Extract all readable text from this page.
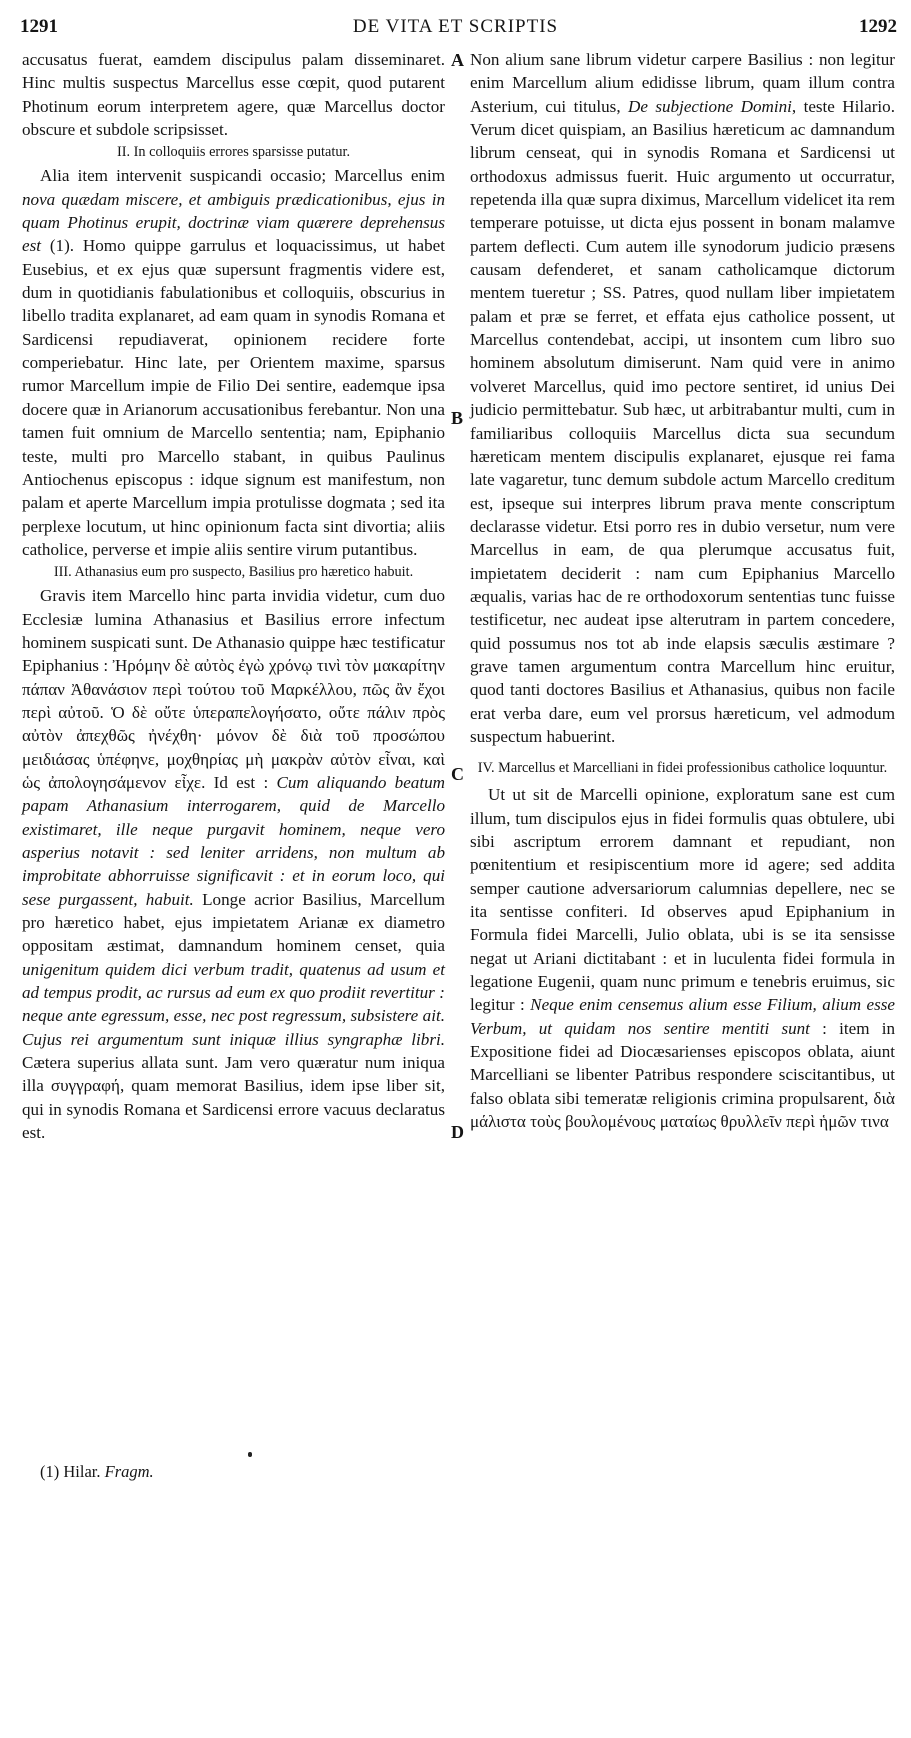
1291	DE VITA ET SCRIPTIS	1292

accusatus fuerat, eamdem discipulus palam disseminaret. Hinc multis suspectus Marcellus esse cœpit, quod putarent Photinum eorum interpretem agere, quæ Marcellus doctor obscure et subdole scripsisset.

II. In colloquiis errores sparsisse putatur.

Alia item intervenit suspicandi occasio; Marcellus enim nova quædam miscere, et ambiguis prædicationibus, ejus in quam Photinus erupit, doctrinæ viam quærere deprehensus est (1). Homo quippe garrulus et loquacissimus, ut habet Eusebius, et ex ejus quæ supersunt fragmentis videre est, dum in quotidianis fabulationibus et colloquiis, obscurius in libello tradita explanaret, ad eam quam in synodis Romana et Sardicensi repudiaverat, opinionem recidere forte comperiebatur. Hinc late, per Orientem maxime, sparsus rumor Marcellum impie de Filio Dei sentire, eademque ipsa docere quæ in Arianorum accusationibus ferebantur. Non una tamen fuit omnium de Marcello sententia; nam, Epiphanio teste, multi pro Marcello stabant, in quibus Paulinus Antiochenus episcopus : idque signum est manifestum, non palam et aperte Marcellum impia protulisse dogmata ; sed ita perplexe locutum, ut hinc opinionum facta sint divortia; aliis catholice, perverse et impie aliis sentire virum putantibus.

III. Athanasius eum pro suspecto, Basilius pro hæretico habuit.

Gravis item Marcello hinc parta invidia videtur, cum duo Ecclesiæ lumina Athanasius et Basilius errore infectum hominem suspicati sunt. De Athanasio quippe hæc testificatur Epiphanius : Ἠρόμην δὲ αὐτὸς ἐγὼ χρόνῳ τινὶ τὸν μακαρίτην πάπαν Ἀθανάσιον περὶ τούτου τοῦ Μαρκέλλου, πῶς ἂν ἔχοι περὶ αὐτοῦ. Ὁ δὲ οὔτε ὑπεραπελογήσατο, οὔτε πάλιν πρὸς αὐτὸν ἀπεχθῶς ἠνέχθη· μόνον δὲ διὰ τοῦ προσώπου μειδιάσας ὑπέφηνε, μοχθηρίας μὴ μακρὰν αὐτὸν εἶναι, καὶ ὡς ἀπολογησάμενον εἶχε. Id est : Cum aliquando beatum papam Athanasium interrogarem, quid de Marcello existimaret, ille neque purgavit hominem, neque vero asperius notavit : sed leniter arridens, non multum ab improbitate abhorruisse significavit : et in eorum loco, qui sese purgassent, habuit. Longe acrior Basilius, Marcellum pro hæretico habet, ejus impietatem Arianæ ex diametro oppositam æstimat, damnandum hominem censet, quia unigenitum quidem dici verbum tradit, quatenus ad usum et ad tempus prodit, ac rursus ad eum ex quo prodiit revertitur : neque ante egressum, esse, nec post regressum, subsistere ait. Cujus rei argumentum sunt iniquæ illius syngraphæ libri. Cætera superius allata sunt. Jam vero quæratur num iniqua illa συγγραφή, quam memorat Basilius, idem ipse liber sit, qui in synodis Romana et Sardicensi errore vacuus declaratus est.

A
B
C
D

Non alium sane librum videtur carpere Basilius : non legitur enim Marcellum alium edidisse librum, quam illum contra Asterium, cui titulus, De subjectione Domini, teste Hilario. Verum dicet quispiam, an Basilius hæreticum ac damnandum librum censeat, qui in synodis Romana et Sardicensi ut orthodoxus admissus fuerit. Huic argumento ut occurratur, repetenda illa quæ supra diximus, Marcellum videlicet ita rem temperare potuisse, ut dicta ejus possent in bonam malamve partem deflecti. Cum autem ille synodorum judicio præsens causam defenderet, et sanam catholicamque dictorum mentem tueretur ; SS. Patres, quod nullam liber impietatem palam et præ se ferret, et effata ejus catholice possent, ut Marcellus contendebat, accipi, ut insontem cum libro suo hominem absolutum dimiserunt. Nam quid vere in animo volveret Marcellus, quid imo pectore sentiret, id unius Dei judicio permittebatur. Sub hæc, ut arbitrabantur multi, cum in familiaribus colloquiis Marcellus dicta sua secundum hæreticam mentem discipulis explanaret, ejusque rei fama late vagaretur, tunc demum subdole actum Marcello creditum est, ipseque sui interpres librum prava mente conscriptum declarasse videtur. Etsi porro res in dubio versetur, num vere Marcellus in eam, de qua plerumque accusatus fuit, impietatem deciderit : nam cum Epiphanius Marcello æqualis, varias hac de re orthodoxorum sententias tunc fuisse testificetur, nec audeat ipse alterutram in partem concedere, quid possumus nos tot ab inde elapsis sæculis æstimare ? grave tamen argumentum contra Marcellum hinc eruitur, quod tanti doctores Basilius et Athanasius, quibus non facile erat verba dare, eum vel prorsus hæreticum, vel admodum suspectum habuerint.

IV. Marcellus et Marcelliani in fidei professionibus catholice loquuntur.

Ut ut sit de Marcelli opinione, exploratum sane est cum illum, tum discipulos ejus in fidei formulis quas obtulere, ubi sibi ascriptum errorem damnant et repudiant, non pœnitentium et resipiscentium more id agere; sed addita semper cautione adversariorum calumnias depellere, nec se ita sentisse confiteri. Id observes apud Epiphanium in Formula fidei Marcelli, Julio oblata, ubi is se ita sensisse negat ut Ariani dictitabant : et in luculenta fidei formula in legatione Eugenii, quam nunc primum e tenebris eruimus, sic legitur : Neque enim censemus alium esse Filium, alium esse Verbum, ut quidam nos sentire mentiti sunt : item in Expositione fidei ad Diocæsarienses episcopos oblata, aiunt Marcelliani se libenter Patribus respondere sciscitantibus, ut falso oblata sibi temeratæ religionis crimina propulsarent, διὰ μάλιστα τοὺς βουλομένους ματαίως θρυλλεῖν περὶ ἡμῶν τινα

(1) Hilar. Fragm.
